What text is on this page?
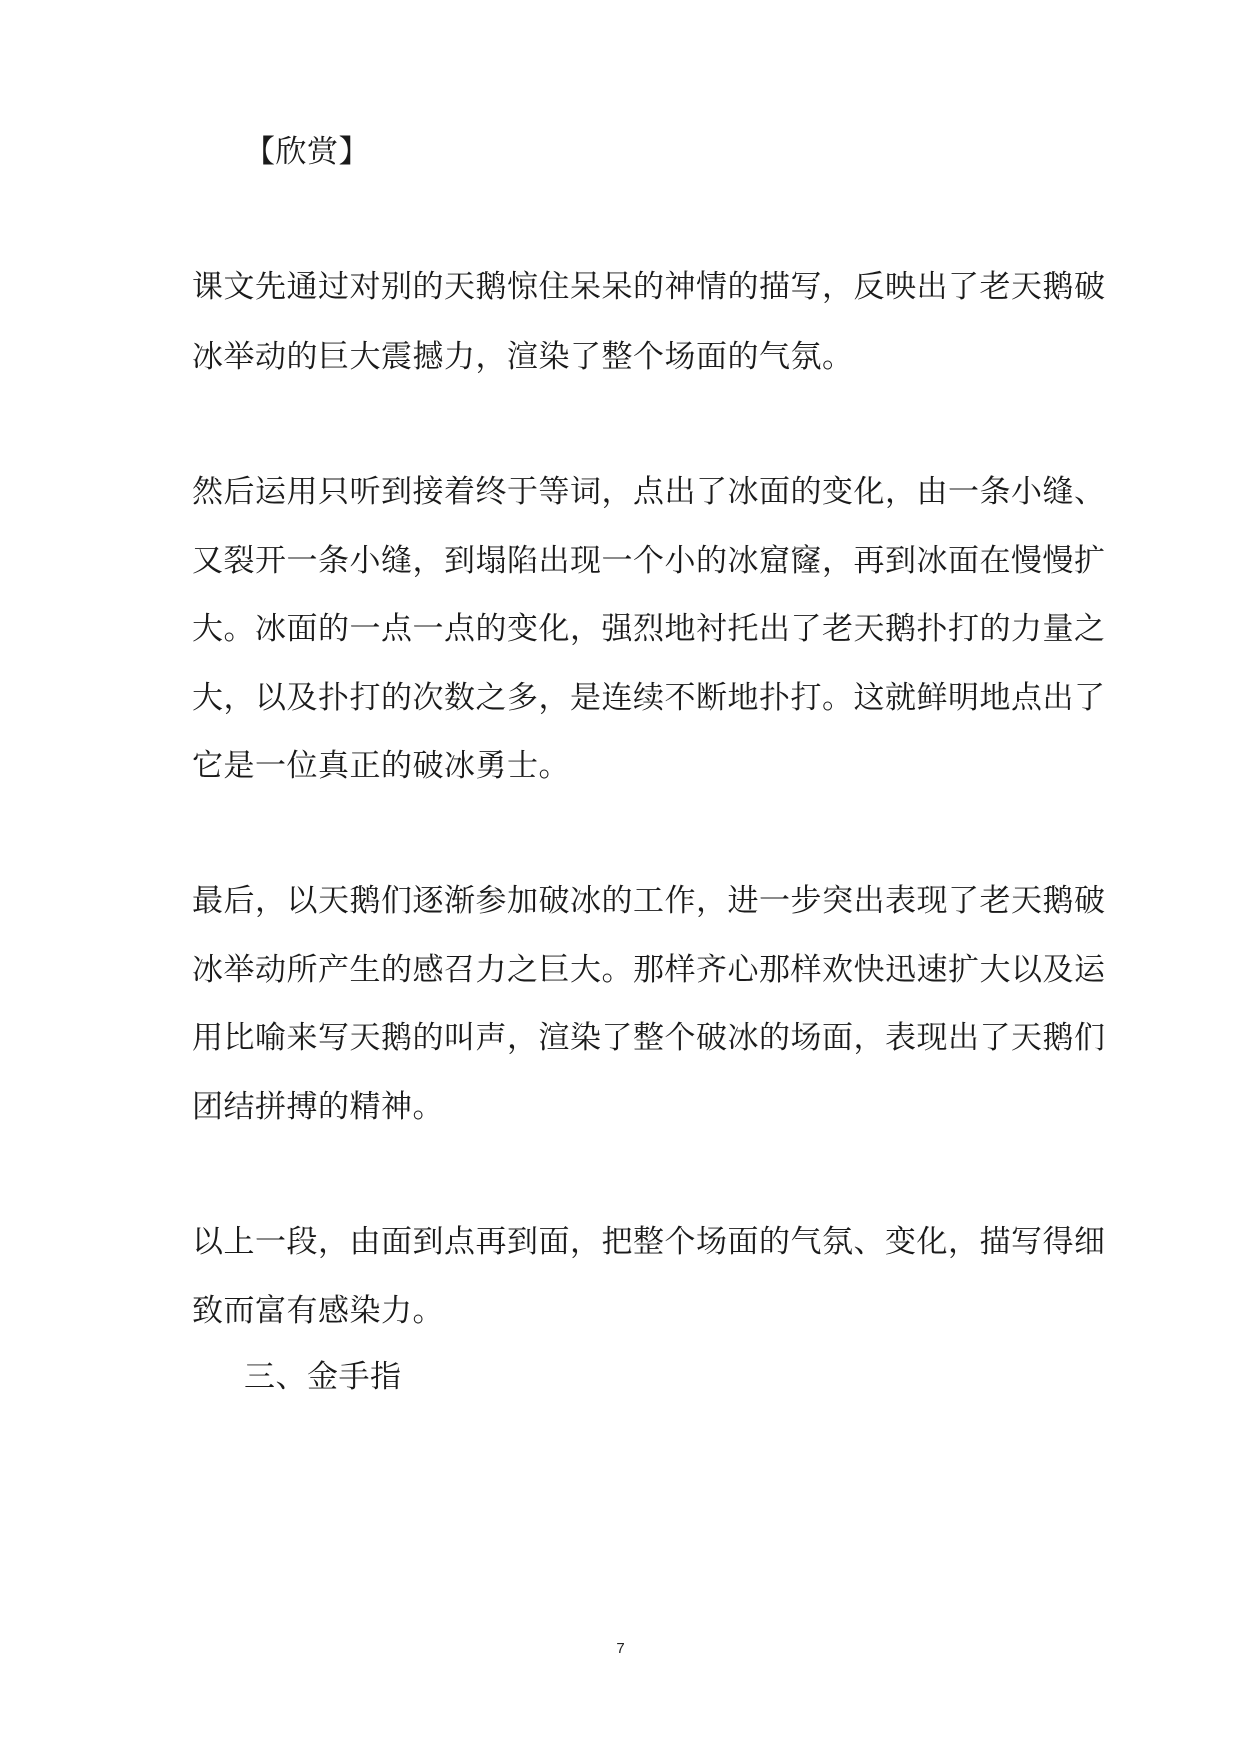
【欣赏】
课文先通过对别的天鹅惊住呆呆的神情的描写，反映出了老天鹅破
冰举动的巨大震撼力，渲染了整个场面的气氛。
然后运用只听到接着终于等词，点出了冰面的变化，由一条小缝、
又裂开一条小缝，到塌陷出现一个小的冰窟窿，再到冰面在慢慢扩
大。冰面的一点一点的变化，强烈地衬托出了老天鹅扑打的力量之
大，以及扑打的次数之多，是连续不断地扑打。这就鲜明地点出了
它是一位真正的破冰勇士。
最后，以天鹅们逐渐参加破冰的工作，进一步突出表现了老天鹅破
冰举动所产生的感召力之巨大。那样齐心那样欢快迅速扩大以及运
用比喻来写天鹅的叫声，渲染了整个破冰的场面，表现出了天鹅们
团结拼搏的精神。
以上一段，由面到点再到面，把整个场面的气氛、变化，描写得细
致而富有感染力。
三、金手指
7
